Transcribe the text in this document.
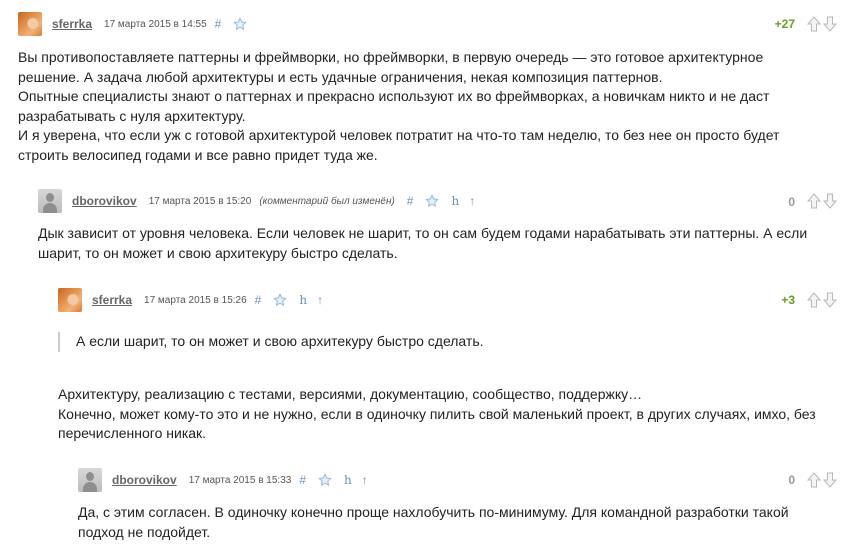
sferrka 17 марта 2015 в 14:55 #	+27

Вы противопоставляете паттерны и фреймворки, но фреймворки, в первую очередь — это готовое архитектурное решение. А задача любой архитектуры и есть удачные ограничения, некая композиция паттернов.

Опытные специалисты знают о паттернах и прекрасно используют их во фреймворках, а новичкам никто и не даст разрабатывать с нуля архитектуру.

И я уверена, что если уж с готовой архитектурой человек потратит на что-то там неделю, то без нее он просто будет строить велосипед годами и все равно придет туда же.

dborovikov 17 марта 2015 в 15:20 (комментарий был изменён) #	h ↑	0

Дык зависит от уровня человека. Если человек не шарит, то он сам будем годами нарабатывать эти паттерны. А если шарит, то он может и свою архитекуру быстро сделать.

sferrka 17 марта 2015 в 15:26 #	h ↑	+3
А если шарит, то он может и свою архитекуру быстро сделать.

Архитектуру, реализацию с тестами, версиями, документацию, сообщество, поддержку…

Конечно, может кому-то это и не нужно, если в одиночку пилить свой маленький проект, в других случаях, имхо, без перечисленного никак.

dborovikov 17 марта 2015 в 15:33 #	h ↑	0

Да, с этим согласен. В одиночку конечно проще нахлобучить по-минимуму. Для командной разработки такой подход не подойдет.
